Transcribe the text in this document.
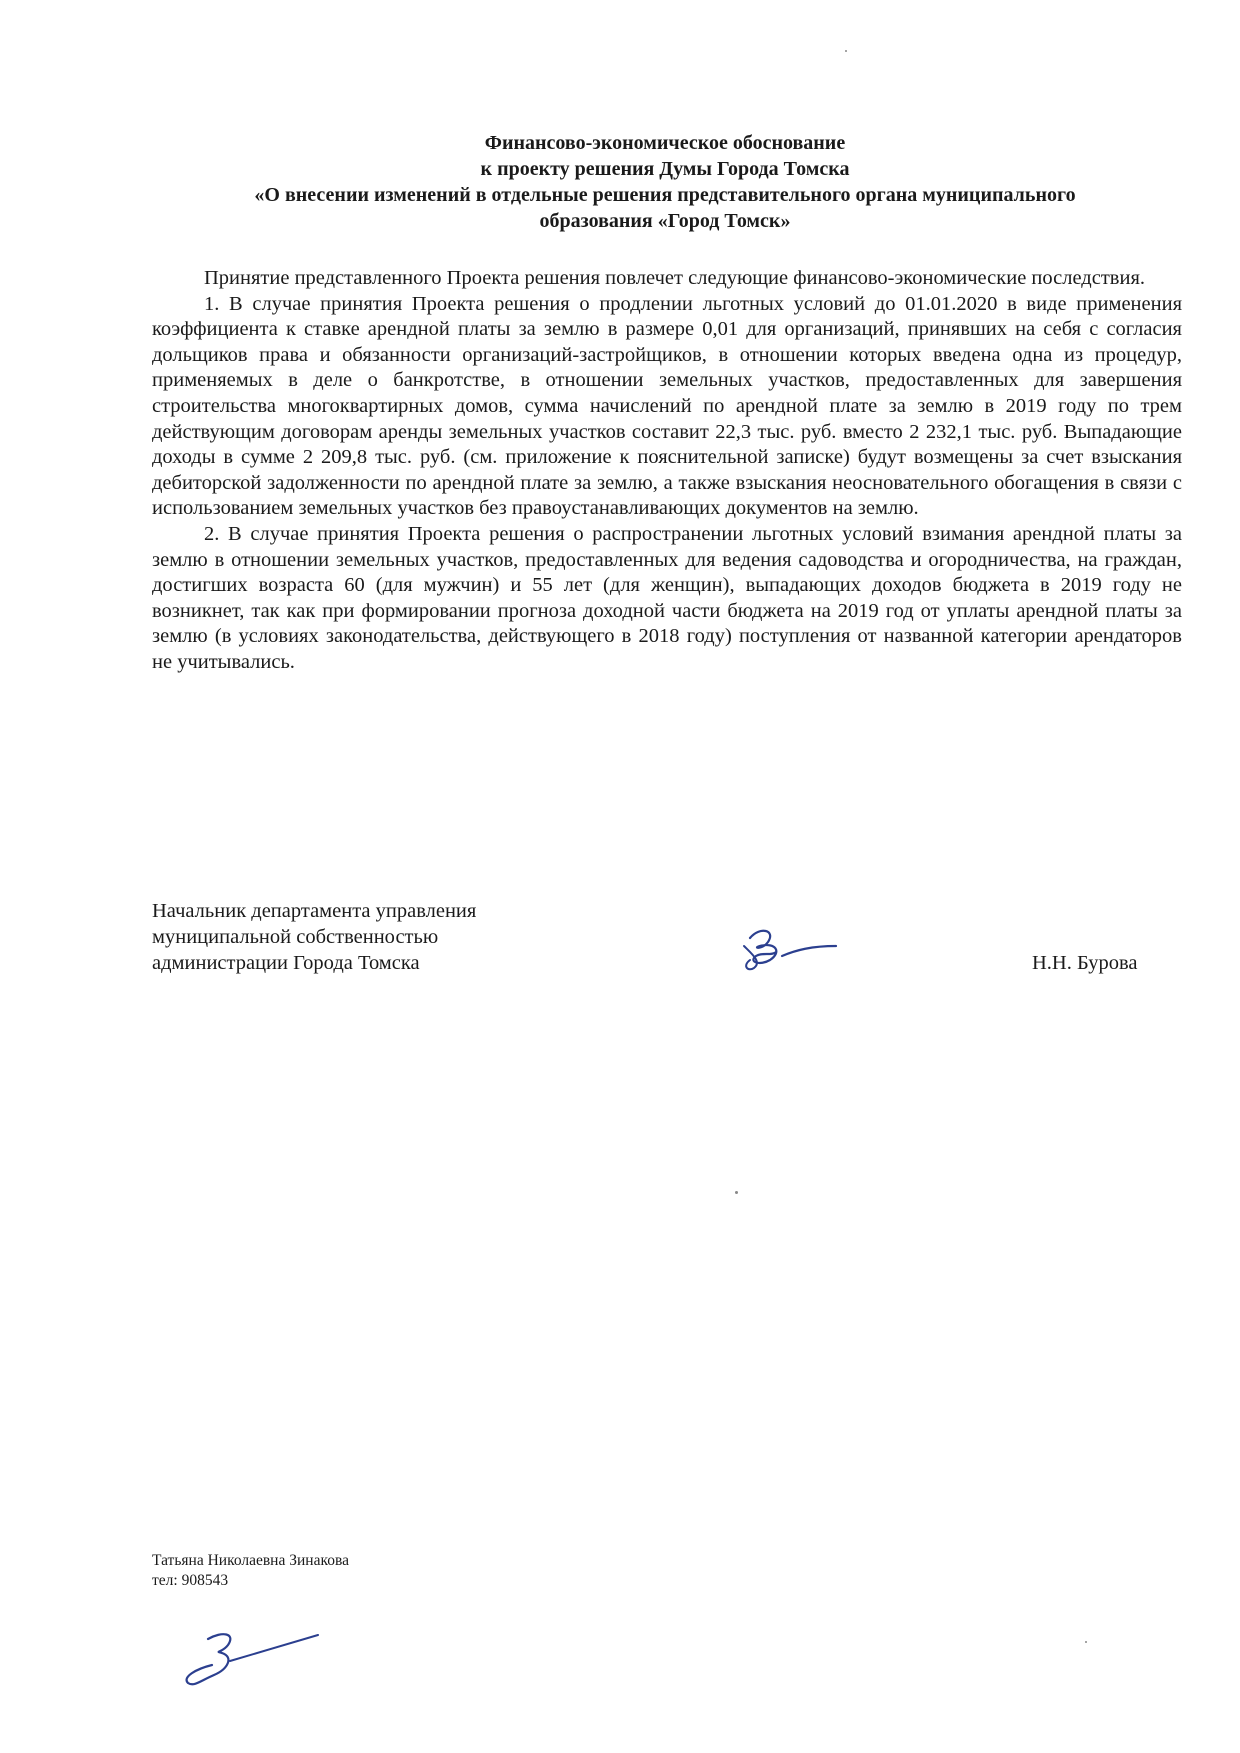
Финансово-экономическое обоснование
к проекту решения Думы Города Томска
«О внесении изменений в отдельные решения представительного органа муниципального
образования «Город Томск»

Принятие представленного Проекта решения повлечет следующие финансово-экономические последствия.

1. В случае принятия Проекта решения о продлении льготных условий до 01.01.2020 в виде применения коэффициента к ставке арендной платы за землю в размере 0,01 для организаций, принявших на себя с согласия дольщиков права и обязанности организаций-застройщиков, в отношении которых введена одна из процедур, применяемых в деле о банкротстве, в отношении земельных участков, предоставленных для завершения строительства многоквартирных домов, сумма начислений по арендной плате за землю в 2019 году по трем действующим договорам аренды земельных участков составит 22,3 тыс. руб. вместо 2 232,1 тыс. руб. Выпадающие доходы в сумме 2 209,8 тыс. руб. (см. приложение к пояснительной записке) будут возмещены за счет взыскания дебиторской задолженности по арендной плате за землю, а также взыскания неосновательного обогащения в связи с использованием земельных участков без правоустанавливающих документов на землю.

2. В случае принятия Проекта решения о распространении льготных условий взимания арендной платы за землю в отношении земельных участков, предоставленных для ведения садоводства и огородничества, на граждан, достигших возраста 60 (для мужчин) и 55 лет (для женщин), выпадающих доходов бюджета в 2019 году не возникнет, так как при формировании прогноза доходной части бюджета на 2019 год от уплаты арендной платы за землю (в условиях законодательства, действующего в 2018 году) поступления от названной категории арендаторов не учитывались.

Начальник департамента управления
муниципальной собственностью
администрации Города Томска	Н.Н. Бурова
Татьяна Николаевна Зинакова
тел: 908543
